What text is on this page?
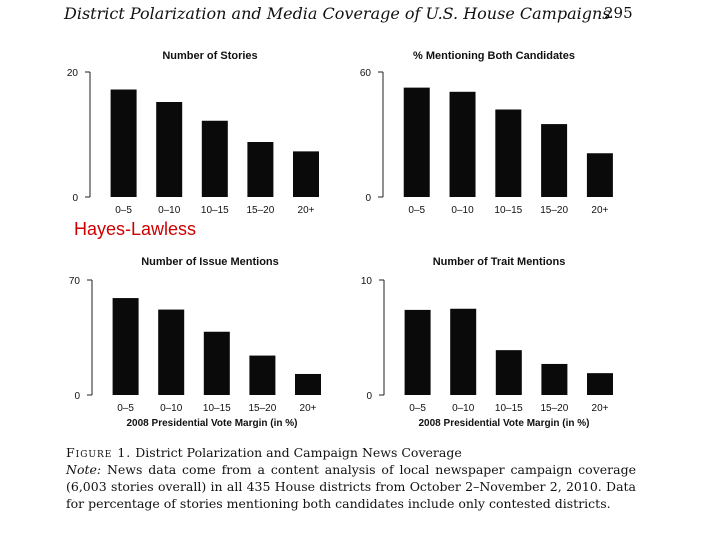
District Polarization and Media Coverage of U.S. House Campaigns
295
Number of Stories
0
20
0–5	0–10 10–15 15–20 20+
% Mentioning Both Candidates
0
60
0–5	0–10 10–15 15–20 20+
Number of Issue Mentions
0
70
0–5	0–10 10–15 15–20 20+
2008 Presidential Vote Margin (in %)
Number of Trait Mentions
0
10
0–5	0–10 10–15 15–20 20+
2008 Presidential Vote Margin (in %)
Hayes-Lawless

Figure 1. District Polarization and Campaign News Coverage

Note: News data come from a content analysis of local newspaper campaign coverage (6,003 stories overall) in all 435 House districts from October 2–November 2, 2010. Data for percentage of stories mentioning both candidates include only contested districts.
